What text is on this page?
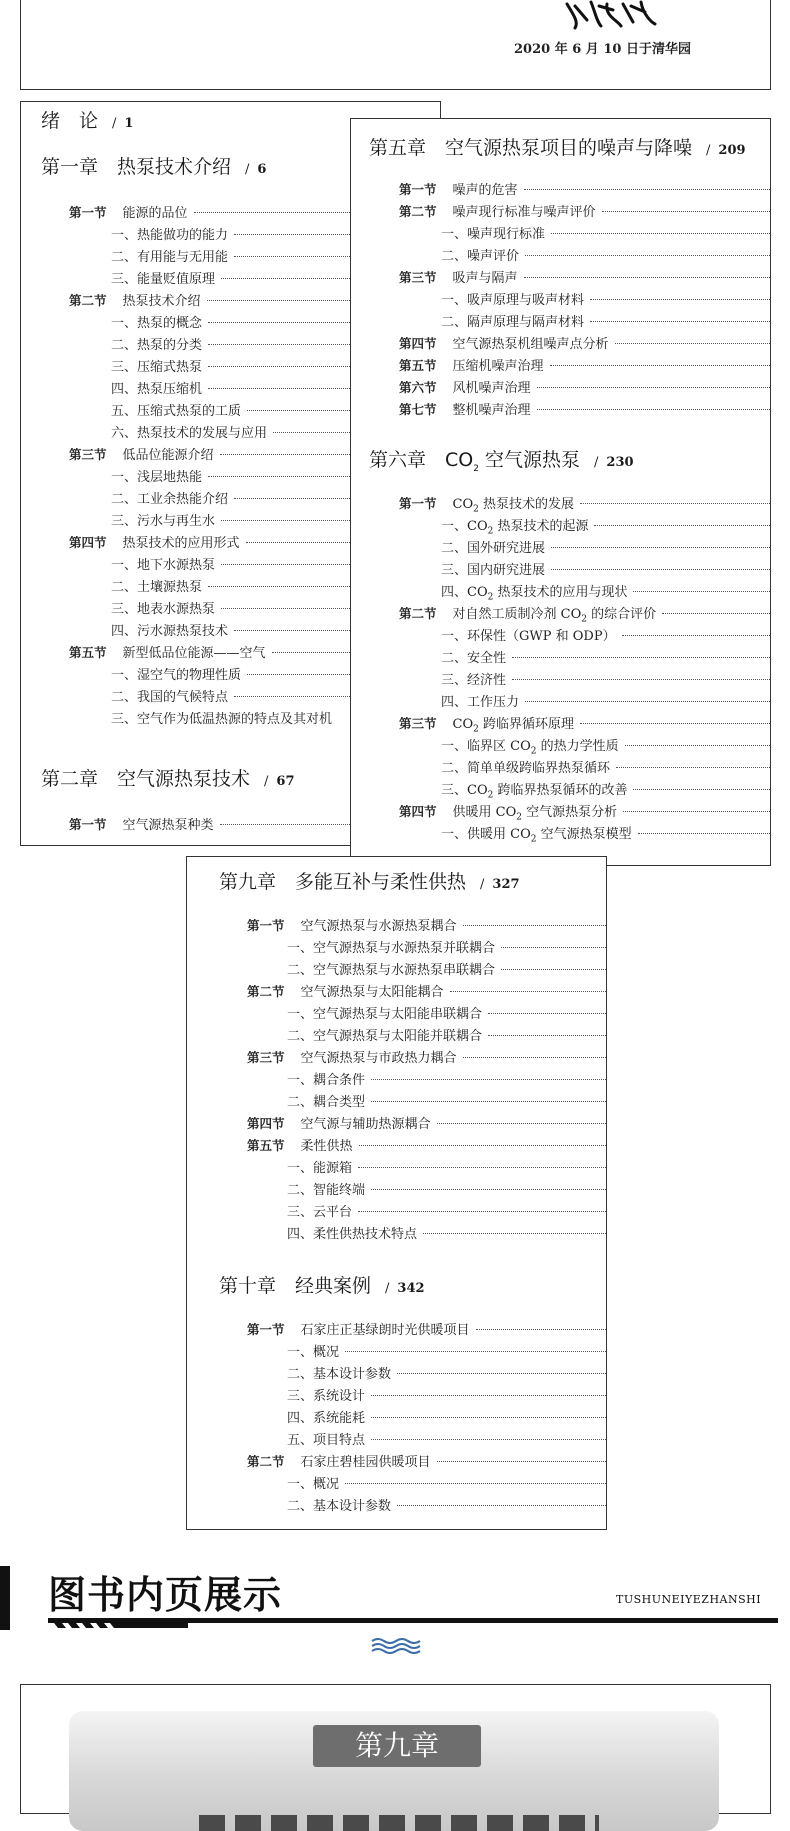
2020 年 6 月 10 日于清华园
绪　论 / 1
第一章　热泵技术介绍 / 6
第一节 能源的品位
一、热能做功的能力
二、有用能与无用能
三、能量贬值原理
第二节 热泵技术介绍
一、热泵的概念
二、热泵的分类
三、压缩式热泵
四、热泵压缩机
五、压缩式热泵的工质
六、热泵技术的发展与应用
第三节 低品位能源介绍
一、浅层地热能
二、工业余热能介绍
三、污水与再生水
第四节 热泵技术的应用形式
一、地下水源热泵
二、土壤源热泵
三、地表水源热泵
四、污水源热泵技术
第五节 新型低品位能源——空气
一、湿空气的物理性质
二、我国的气候特点
三、空气作为低温热源的特点及其对机
第二章　空气源热泵技术 / 67
第一节 空气源热泵种类
第五章　空气源热泵项目的噪声与降噪 / 209
第一节 噪声的危害
第二节 噪声现行标准与噪声评价
一、噪声现行标准
二、噪声评价
第三节 吸声与隔声
一、吸声原理与吸声材料
二、隔声原理与隔声材料
第四节 空气源热泵机组噪声点分析
第五节 压缩机噪声治理
第六节 风机噪声治理
第七节 整机噪声治理
第六章　$CO_2$ 空气源热泵 / 230
第一节 $CO_2$ 热泵技术的发展
一、$CO_2$ 热泵技术的起源
二、国外研究进展
三、国内研究进展
四、$CO_2$ 热泵技术的应用与现状
第二节 对自然工质制冷剂 $CO_2$ 的综合评价
一、环保性（GWP 和 ODP）
二、安全性
三、经济性
四、工作压力
第三节 $CO_2$ 跨临界循环原理
一、临界区 $CO_2$ 的热力学性质
二、简单单级跨临界热泵循环
三、$CO_2$ 跨临界热泵循环的改善
第四节 供暖用 $CO_2$ 空气源热泵分析
一、供暖用 $CO_2$ 空气源热泵模型
第九章　多能互补与柔性供热 / 327
第一节 空气源热泵与水源热泵耦合
一、空气源热泵与水源热泵并联耦合
二、空气源热泵与水源热泵串联耦合
第二节 空气源热泵与太阳能耦合
一、空气源热泵与太阳能串联耦合
二、空气源热泵与太阳能并联耦合
第三节 空气源热泵与市政热力耦合
一、耦合条件
二、耦合类型
第四节 空气源与辅助热源耦合
第五节 柔性供热
一、能源箱
二、智能终端
三、云平台
四、柔性供热技术特点
第十章　经典案例 / 342
第一节 石家庄正基绿朗时光供暖项目
一、概况
二、基本设计参数
三、系统设计
四、系统能耗
五、项目特点
第二节 石家庄碧桂园供暖项目
一、概况
二、基本设计参数
图书内页展示	TUSHUNEIYEZHANSHI
第九章
